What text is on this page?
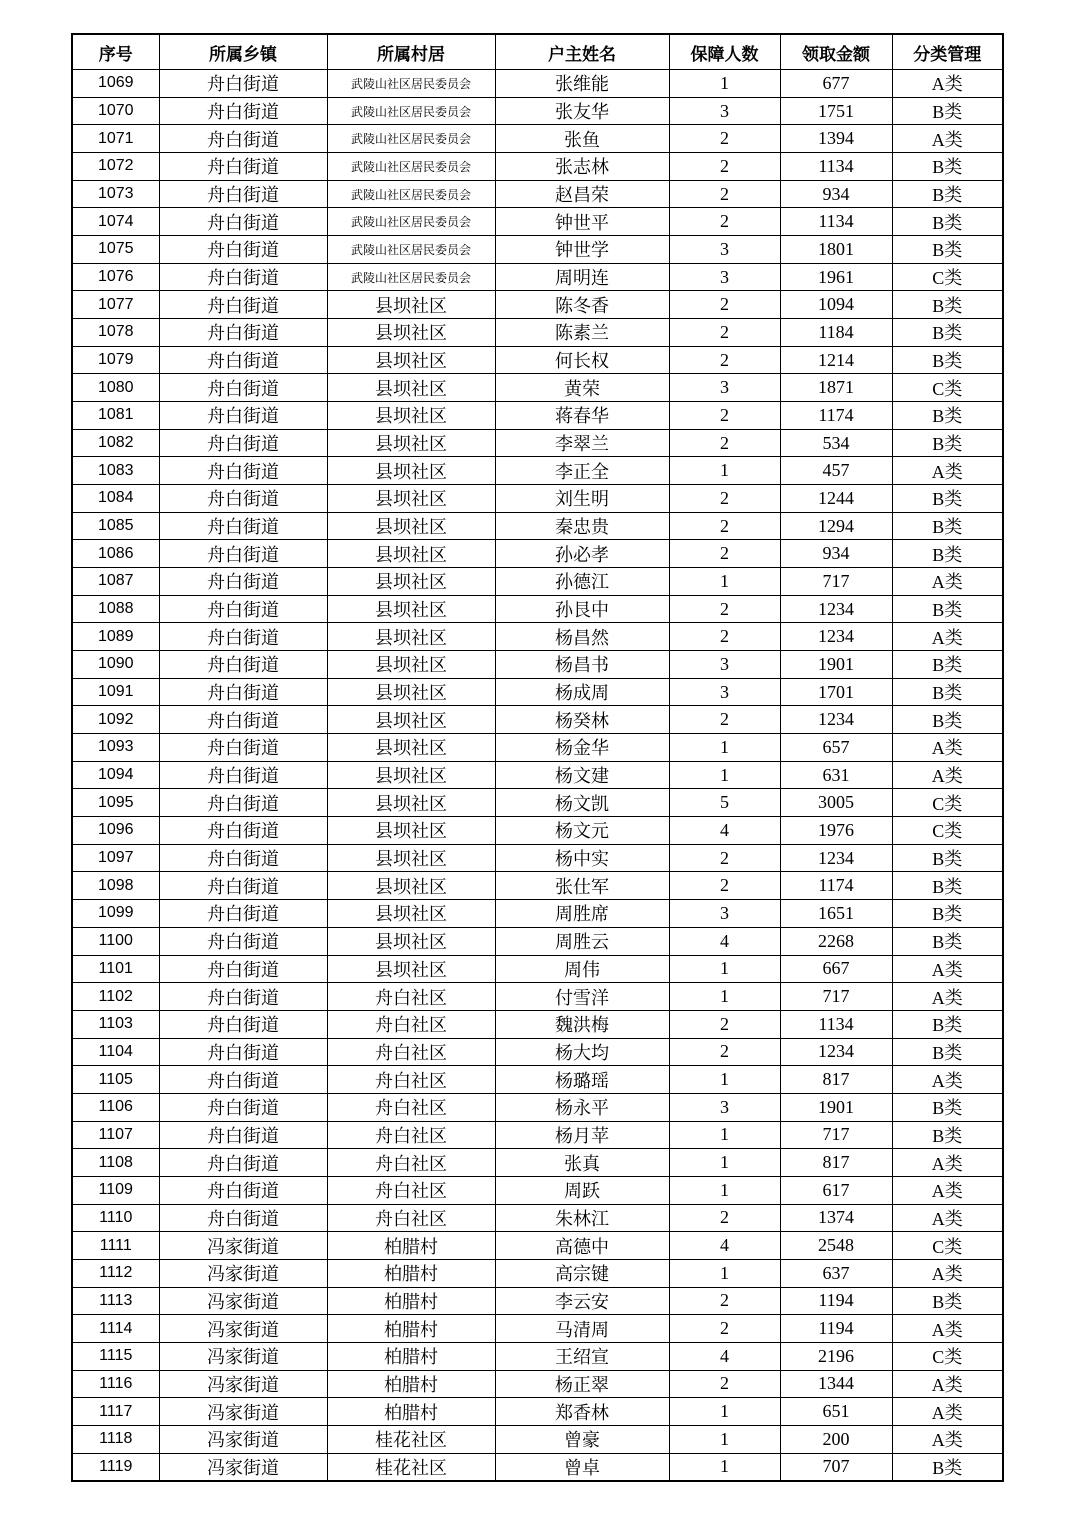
序号	所属乡镇	所属村居	户主姓名	保障人数	领取金额	分类管理
1069	舟白街道	武陵山社区居民委员会	张维能	1	677	A类
1070	舟白街道	武陵山社区居民委员会	张友华	3	1751	B类
1071	舟白街道	武陵山社区居民委员会	张鱼	2	1394	A类
1072	舟白街道	武陵山社区居民委员会	张志林	2	1134	B类
1073	舟白街道	武陵山社区居民委员会	赵昌荣	2	934	B类
1074	舟白街道	武陵山社区居民委员会	钟世平	2	1134	B类
1075	舟白街道	武陵山社区居民委员会	钟世学	3	1801	B类
1076	舟白街道	武陵山社区居民委员会	周明连	3	1961	C类
1077	舟白街道	县坝社区	陈冬香	2	1094	B类
1078	舟白街道	县坝社区	陈素兰	2	1184	B类
1079	舟白街道	县坝社区	何长权	2	1214	B类
1080	舟白街道	县坝社区	黄荣	3	1871	C类
1081	舟白街道	县坝社区	蒋春华	2	1174	B类
1082	舟白街道	县坝社区	李翠兰	2	534	B类
1083	舟白街道	县坝社区	李正全	1	457	A类
1084	舟白街道	县坝社区	刘生明	2	1244	B类
1085	舟白街道	县坝社区	秦忠贵	2	1294	B类
1086	舟白街道	县坝社区	孙必孝	2	934	B类
1087	舟白街道	县坝社区	孙德江	1	717	A类
1088	舟白街道	县坝社区	孙艮中	2	1234	B类
1089	舟白街道	县坝社区	杨昌然	2	1234	A类
1090	舟白街道	县坝社区	杨昌书	3	1901	B类
1091	舟白街道	县坝社区	杨成周	3	1701	B类
1092	舟白街道	县坝社区	杨癸林	2	1234	B类
1093	舟白街道	县坝社区	杨金华	1	657	A类
1094	舟白街道	县坝社区	杨文建	1	631	A类
1095	舟白街道	县坝社区	杨文凯	5	3005	C类
1096	舟白街道	县坝社区	杨文元	4	1976	C类
1097	舟白街道	县坝社区	杨中实	2	1234	B类
1098	舟白街道	县坝社区	张仕军	2	1174	B类
1099	舟白街道	县坝社区	周胜席	3	1651	B类
1100	舟白街道	县坝社区	周胜云	4	2268	B类
1101	舟白街道	县坝社区	周伟	1	667	A类
1102	舟白街道	舟白社区	付雪洋	1	717	A类
1103	舟白街道	舟白社区	魏洪梅	2	1134	B类
1104	舟白街道	舟白社区	杨大均	2	1234	B类
1105	舟白街道	舟白社区	杨璐瑶	1	817	A类
1106	舟白街道	舟白社区	杨永平	3	1901	B类
1107	舟白街道	舟白社区	杨月苹	1	717	B类
1108	舟白街道	舟白社区	张真	1	817	A类
1109	舟白街道	舟白社区	周跃	1	617	A类
1110	舟白街道	舟白社区	朱林江	2	1374	A类
1111	冯家街道	柏腊村	高德中	4	2548	C类
1112	冯家街道	柏腊村	高宗键	1	637	A类
1113	冯家街道	柏腊村	李云安	2	1194	B类
1114	冯家街道	柏腊村	马清周	2	1194	A类
1115	冯家街道	柏腊村	王绍宣	4	2196	C类
1116	冯家街道	柏腊村	杨正翠	2	1344	A类
1117	冯家街道	柏腊村	郑香林	1	651	A类
1118	冯家街道	桂花社区	曾豪	1	200	A类
1119	冯家街道	桂花社区	曾卓	1	707	B类
